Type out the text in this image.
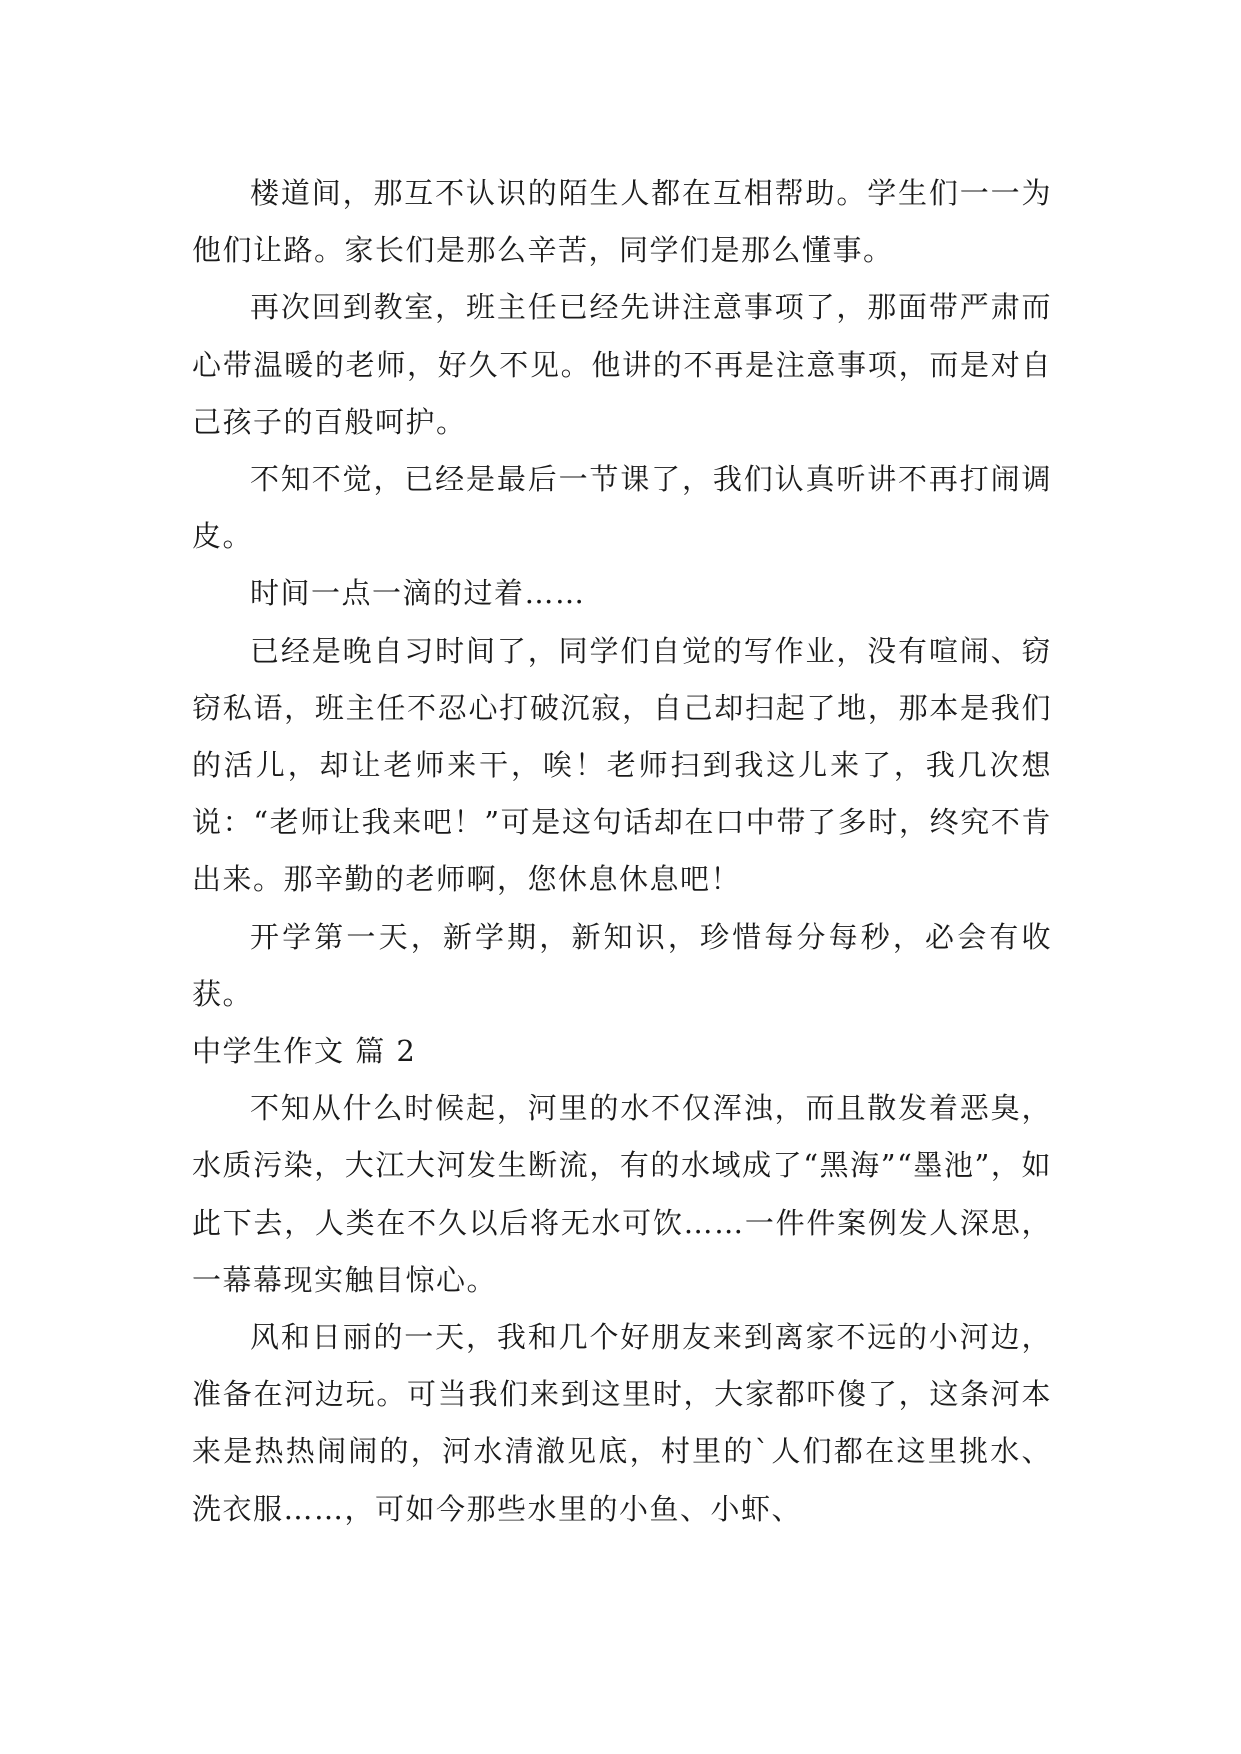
楼道间，那互不认识的陌生人都在互相帮助。学生们一一为他们让路。家长们是那么辛苦，同学们是那么懂事。

再次回到教室，班主任已经先讲注意事项了，那面带严肃而心带温暖的老师，好久不见。他讲的不再是注意事项，而是对自己孩子的百般呵护。

不知不觉，已经是最后一节课了，我们认真听讲不再打闹调皮。

时间一点一滴的过着……

已经是晚自习时间了，同学们自觉的写作业，没有喧闹、窃窃私语，班主任不忍心打破沉寂，自己却扫起了地，那本是我们的活儿，却让老师来干，唉！老师扫到我这儿来了，我几次想说：“老师让我来吧！”可是这句话却在口中带了多时，终究不肯出来。那辛勤的老师啊，您休息休息吧！

开学第一天，新学期，新知识，珍惜每分每秒，必会有收获。

中学生作文 篇 2

不知从什么时候起，河里的水不仅浑浊，而且散发着恶臭，水质污染，大江大河发生断流，有的水域成了“黑海”“墨池”，如此下去，人类在不久以后将无水可饮……一件件案例发人深思，一幕幕现实触目惊心。

风和日丽的一天，我和几个好朋友来到离家不远的小河边，准备在河边玩。可当我们来到这里时，大家都吓傻了，这条河本来是热热闹闹的，河水清澈见底，村里的`人们都在这里挑水、洗衣服……，可如今那些水里的小鱼、小虾、
